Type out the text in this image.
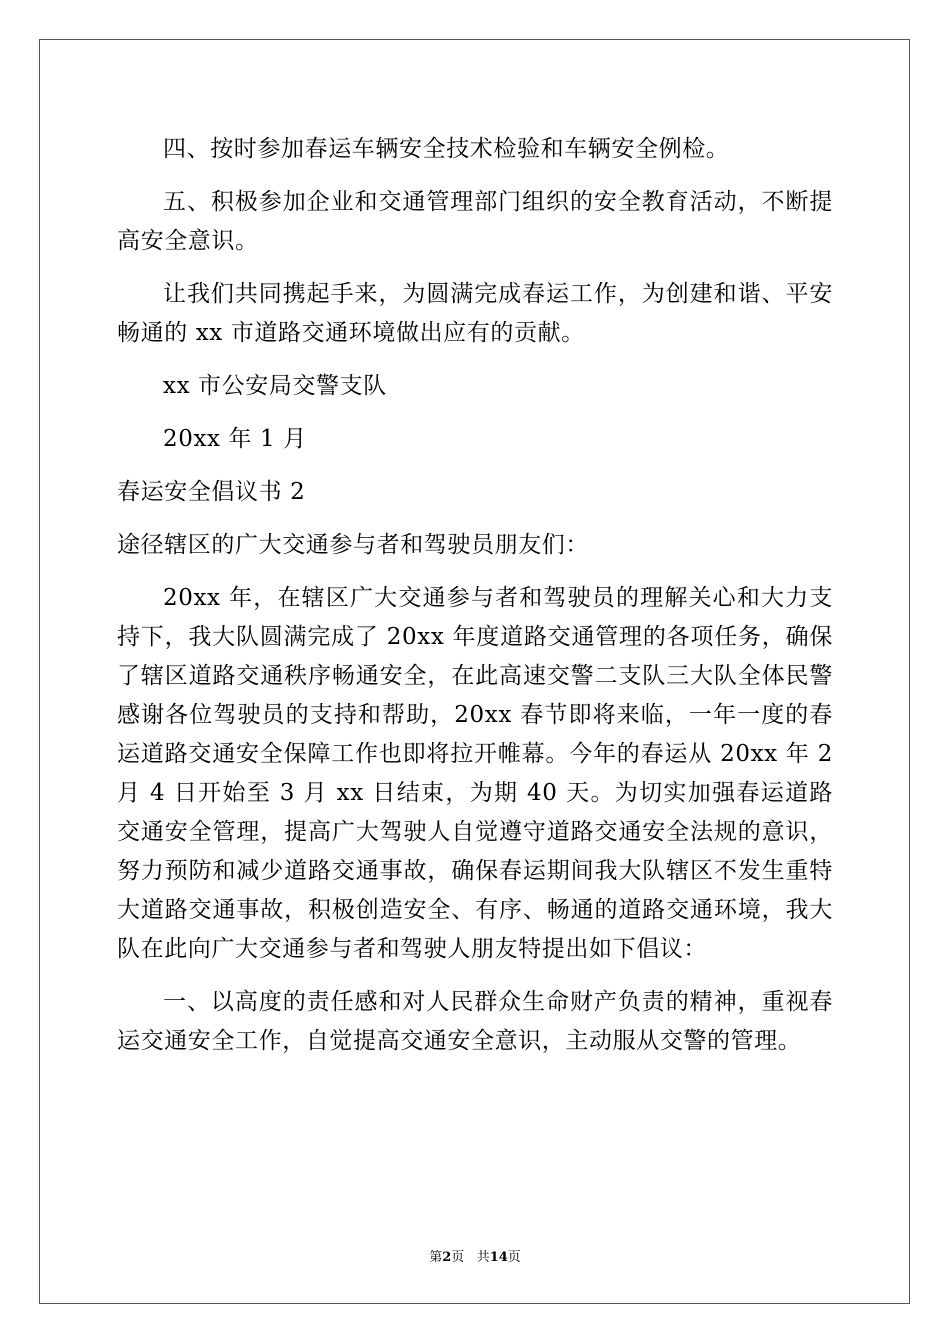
四、按时参加春运车辆安全技术检验和车辆安全例检。

五、积极参加企业和交通管理部门组织的安全教育活动，不断提高安全意识。

让我们共同携起手来，为圆满完成春运工作，为创建和谐、平安畅通的 xx 市道路交通环境做出应有的贡献。

xx 市公安局交警支队

20xx 年 1 月

春运安全倡议书 2

途径辖区的广大交通参与者和驾驶员朋友们：

20xx 年，在辖区广大交通参与者和驾驶员的理解关心和大力支持下，我大队圆满完成了 20xx 年度道路交通管理的各项任务，确保了辖区道路交通秩序畅通安全，在此高速交警二支队三大队全体民警感谢各位驾驶员的支持和帮助，20xx 春节即将来临，一年一度的春运道路交通安全保障工作也即将拉开帷幕。今年的春运从 20xx 年 2 月 4 日开始至 3 月 xx 日结束，为期 40 天。为切实加强春运道路交通安全管理，提高广大驾驶人自觉遵守道路交通安全法规的意识，努力预防和减少道路交通事故，确保春运期间我大队辖区不发生重特大道路交通事故，积极创造安全、有序、畅通的道路交通环境，我大队在此向广大交通参与者和驾驶人朋友特提出如下倡议：

一、以高度的责任感和对人民群众生命财产负责的精神，重视春运交通安全工作，自觉提高交通安全意识，主动服从交警的管理。

第2页 共14页
